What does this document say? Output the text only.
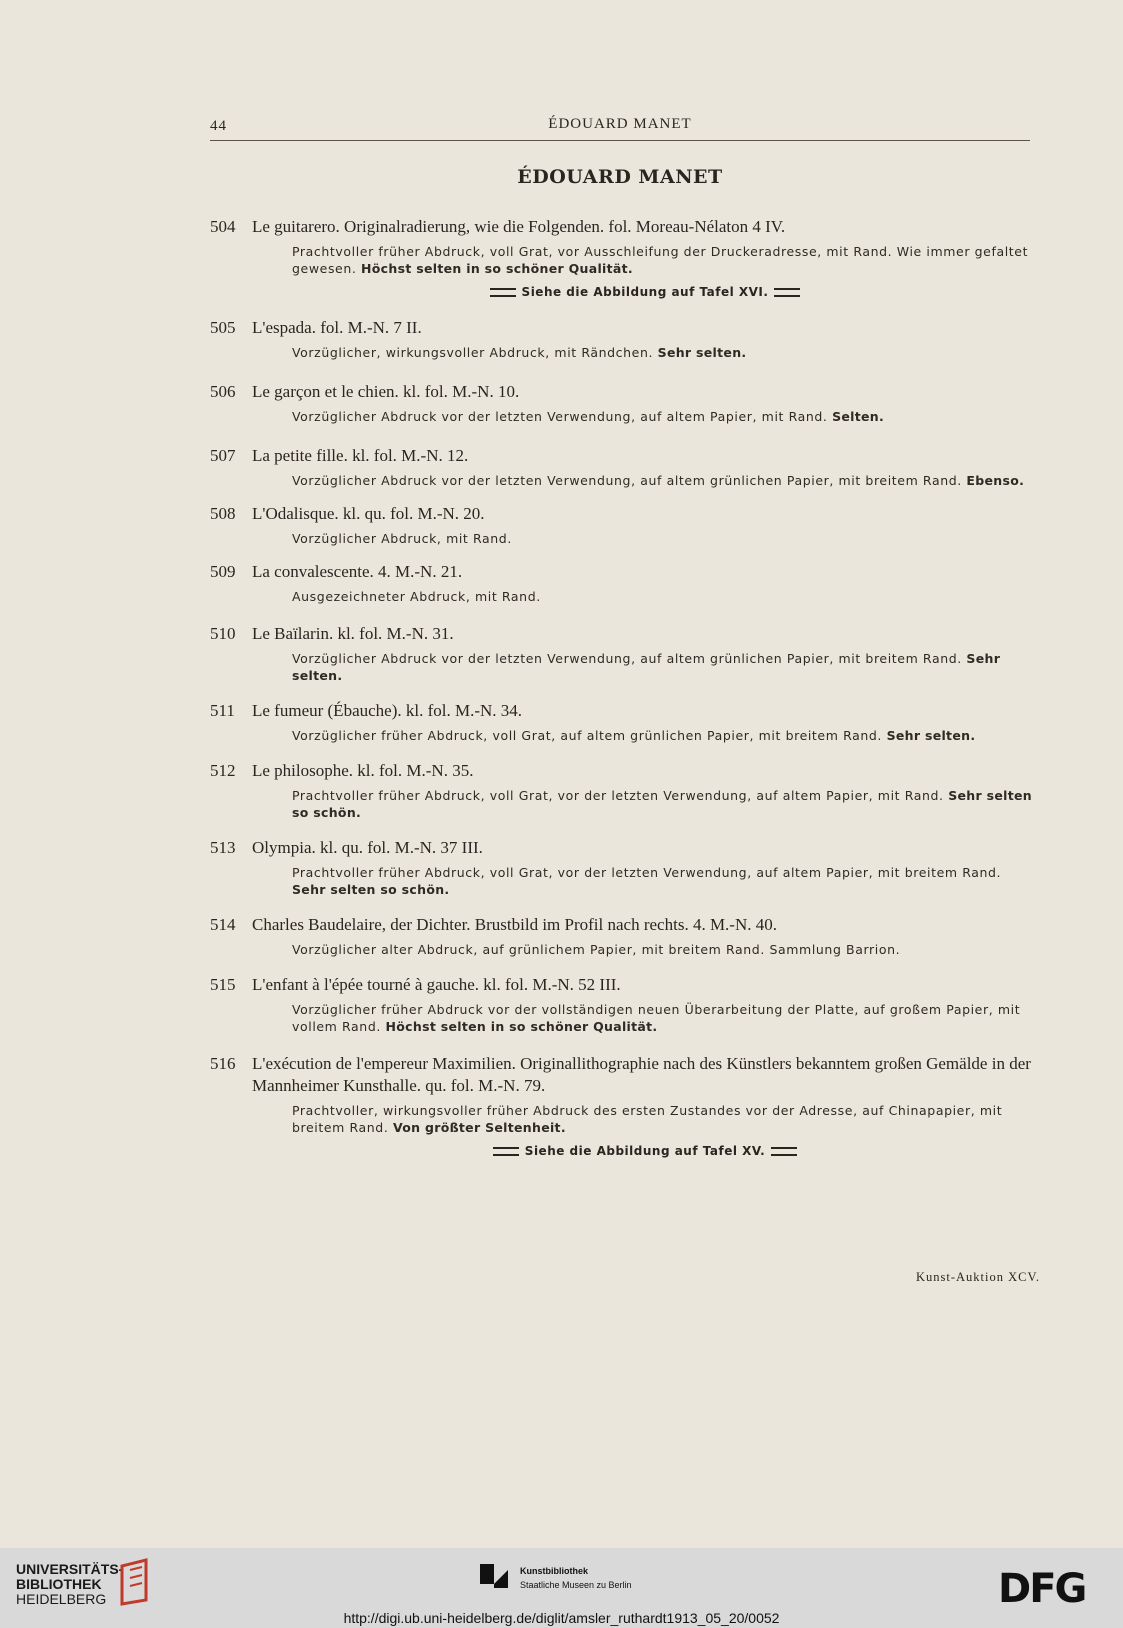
44	ÉDOUARD MANET
ÉDOUARD MANET
504 Le guitarero. Originalradierung, wie die Folgenden. fol. Moreau-Nélaton 4 IV.
Prachtvoller früher Abdruck, voll Grat, vor Ausschleifung der Druckeradresse, mit Rand. Wie immer gefaltet gewesen. Höchst selten in so schöner Qualität.
Siehe die Abbildung auf Tafel XVI.
505 L'espada. fol. M.-N. 7 II.
Vorzüglicher, wirkungsvoller Abdruck, mit Rändchen. Sehr selten.
506 Le garçon et le chien. kl. fol. M.-N. 10.
Vorzüglicher Abdruck vor der letzten Verwendung, auf altem Papier, mit Rand. Selten.
507 La petite fille. kl. fol. M.-N. 12.
Vorzüglicher Abdruck vor der letzten Verwendung, auf altem grünlichen Papier, mit breitem Rand. Ebenso.
508 L'Odalisque. kl. qu. fol. M.-N. 20.
Vorzüglicher Abdruck, mit Rand.
509 La convalescente. 4. M.-N. 21.
Ausgezeichneter Abdruck, mit Rand.
510 Le Baïlarin. kl. fol. M.-N. 31.
Vorzüglicher Abdruck vor der letzten Verwendung, auf altem grünlichen Papier, mit breitem Rand. Sehr selten.
511 Le fumeur (Ébauche). kl. fol. M.-N. 34.
Vorzüglicher früher Abdruck, voll Grat, auf altem grünlichen Papier, mit breitem Rand. Sehr selten.
512 Le philosophe. kl. fol. M.-N. 35.
Prachtvoller früher Abdruck, voll Grat, vor der letzten Verwendung, auf altem Papier, mit Rand. Sehr selten so schön.
513 Olympia. kl. qu. fol. M.-N. 37 III.
Prachtvoller früher Abdruck, voll Grat, vor der letzten Verwendung, auf altem Papier, mit breitem Rand. Sehr selten so schön.
514 Charles Baudelaire, der Dichter. Brustbild im Profil nach rechts. 4. M.-N. 40.
Vorzüglicher alter Abdruck, auf grünlichem Papier, mit breitem Rand. Sammlung Barrion.
515 L'enfant à l'épée tourné à gauche. kl. fol. M.-N. 52 III.
Vorzüglicher früher Abdruck vor der vollständigen neuen Überarbeitung der Platte, auf großem Papier, mit vollem Rand. Höchst selten in so schöner Qualität.
516 L'exécution de l'empereur Maximilien. Originallithographie nach des Künstlers bekanntem großen Gemälde in der Mannheimer Kunsthalle. qu. fol. M.-N. 79.
Prachtvoller, wirkungsvoller früher Abdruck des ersten Zustandes vor der Adresse, auf Chinapapier, mit breitem Rand. Von größter Seltenheit.
Siehe die Abbildung auf Tafel XV.
Kunst-Auktion XCV.
UNIVERSITÄTS-
BIBLIOTHEK
HEIDELBERG
Kunstbibliothek
Staatliche Museen zu Berlin	DFG
http://digi.ub.uni-heidelberg.de/diglit/amsler_ruthardt1913_05_20/0052
